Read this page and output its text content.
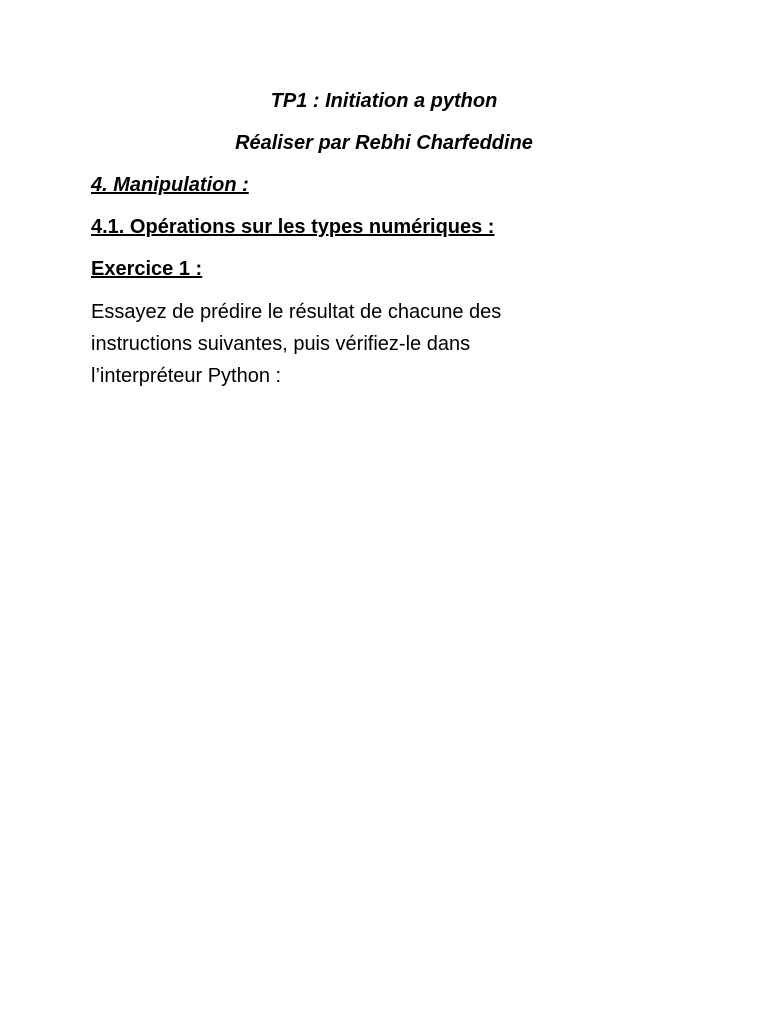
TP1 : Initiation a python
Réaliser par Rebhi Charfeddine
4. Manipulation :
4.1. Opérations sur les types numériques :
Exercice 1 :
Essayez de prédire le résultat de chacune des
instructions suivantes, puis vérifiez-le dans
l’interpréteur Python :
